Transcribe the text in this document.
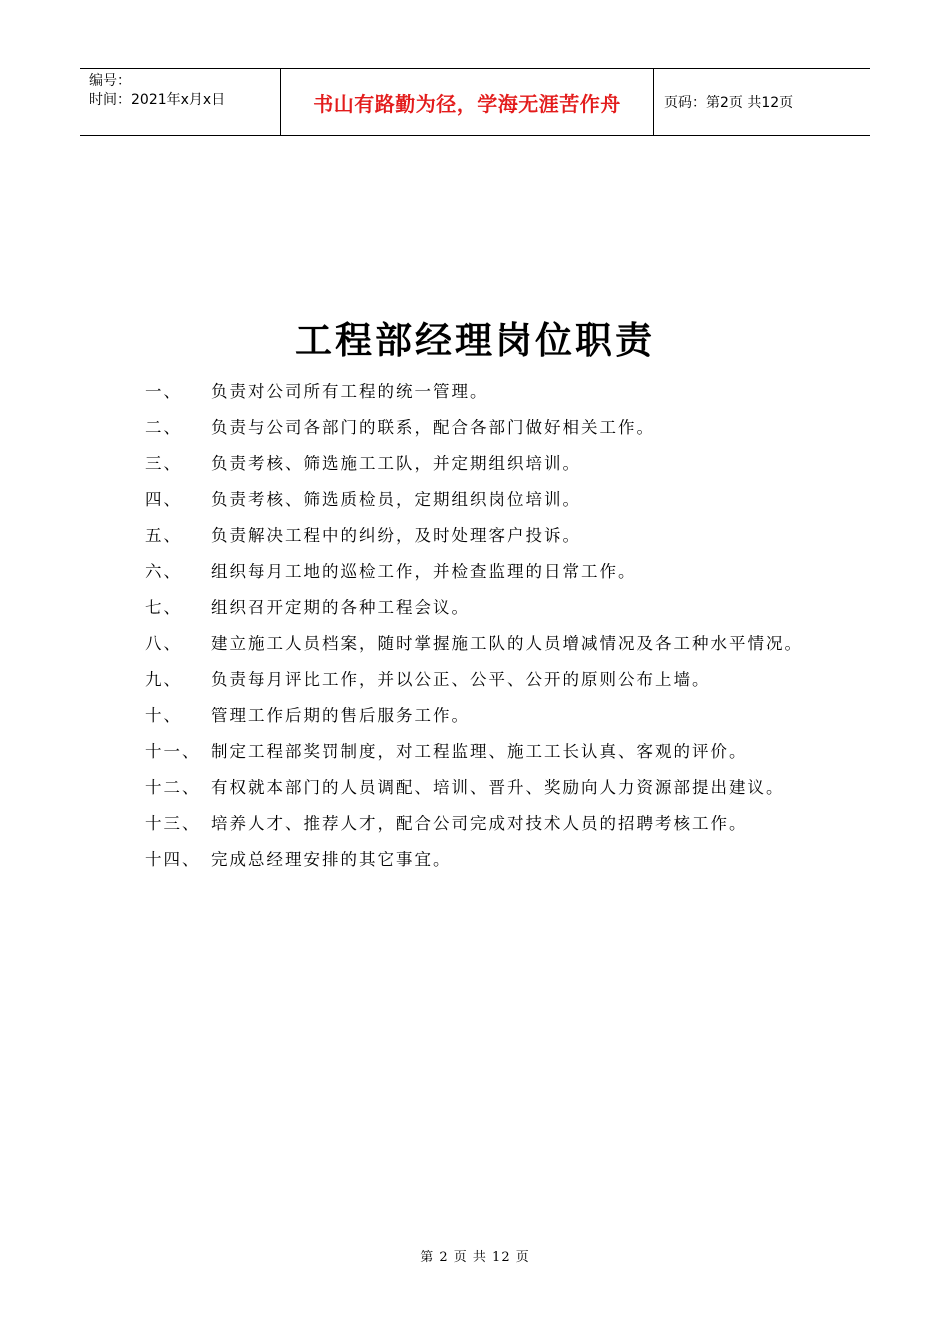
编号：
时间：2021年x月x日	书山有路勤为径，学海无涯苦作舟	页码：第2页 共12页
工程部经理岗位职责
一、	负责对公司所有工程的统一管理。
二、	负责与公司各部门的联系，配合各部门做好相关工作。
三、	负责考核、筛选施工工队，并定期组织培训。
四、	负责考核、筛选质检员，定期组织岗位培训。
五、	负责解决工程中的纠纷，及时处理客户投诉。
六、	组织每月工地的巡检工作，并检查监理的日常工作。
七、	组织召开定期的各种工程会议。
八、	建立施工人员档案，随时掌握施工队的人员增减情况及各工种水平情况。
九、	负责每月评比工作，并以公正、公平、公开的原则公布上墙。
十、	管理工作后期的售后服务工作。
十一、 制定工程部奖罚制度，对工程监理、施工工长认真、客观的评价。
十二、 有权就本部门的人员调配、培训、晋升、奖励向人力资源部提出建议。
十三、 培养人才、推荐人才，配合公司完成对技术人员的招聘考核工作。
十四、 完成总经理安排的其它事宜。
第 2 页 共 12 页
